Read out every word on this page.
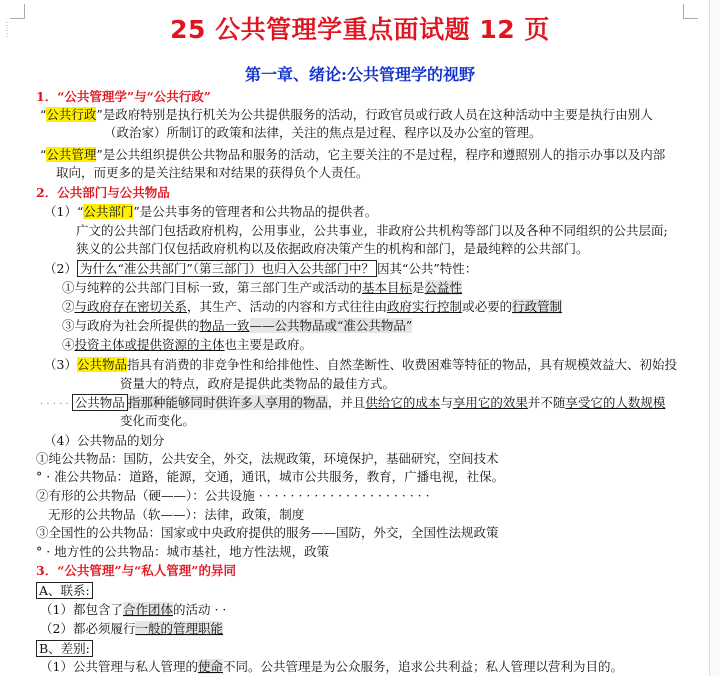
⋮
⋮	25 公共管理学重点面试题 12 页
第一章、绪论:公共管理学的视野
1．“公共管理学”与“公共行政”
“公共行政”是政府特别是执行机关为公共提供服务的活动，行政官员或行政人员在这种活动中主要是执行由别人
（政治家）所制订的政策和法律，关注的焦点是过程、程序以及办公室的管理。
“公共管理”是公共组织提供公共物品和服务的活动，它主要关注的不是过程，程序和遵照别人的指示办事以及内部
取向，而更多的是关注结果和对结果的获得负个人责任。
2．公共部门与公共物品
（1）“公共部门”是公共事务的管理者和公共物品的提供者。
广文的公共部门包括政府机构，公用事业，公共事业，非政府公共机构等部门以及各种不同组织的公共层面;
狭义的公共部门仅包括政府机构以及依据政府决策产生的机构和部门，是最纯粹的公共部门。
（2） 为什么“准公共部门”（第三部门）也归入公共部门中？ 因其“公共”特性：
①与纯粹的公共部门目标一致，第三部门生产或活动的基本目标是公益性
②与政府存在密切关系，其生产、活动的内容和方式往往由政府实行控制或必要的行政管制
③与政府为社会所提供的物品一致——公共物品或“准公共物品”
④投资主体或提供资源的主体也主要是政府。
（3）公共物品指具有消费的非竞争性和给排他性、自然垄断性、收费困难等特征的物品，具有规模效益大、初始投
资量大的特点，政府是提供此类物品的最佳方式。
· · · · · 公共物品 指那种能够同时供许多人享用的物品，并且供给它的成本与享用它的效果并不随享受它的人数规模
变化而变化。
（4）公共物品的划分
①纯公共物品：国防，公共安全，外交，法规政策，环境保护，基础研究，空间技术
° · 准公共物品：道路，能源，交通，通讯，城市公共服务，教育，广播电视，社保。
②有形的公共物品（硬——）：公共设施 · · · · · · · · · · · · · · · · · · · · · ·
无形的公共物品（软——）：法律，政策，制度
③全国性的公共物品：国家或中央政府提供的服务——国防，外交，全国性法规政策
° · 地方性的公共物品：城市基社，地方性法规，政策
3．“公共管理”与“私人管理”的异同
A、联系:
（1）都包含了合作团体的活动 · ·
（2）都必须履行一般的管理职能
B、差别:
（1）公共管理与私人管理的使命不同。公共管理是为公众服务，追求公共利益；私人管理以营利为目的。
